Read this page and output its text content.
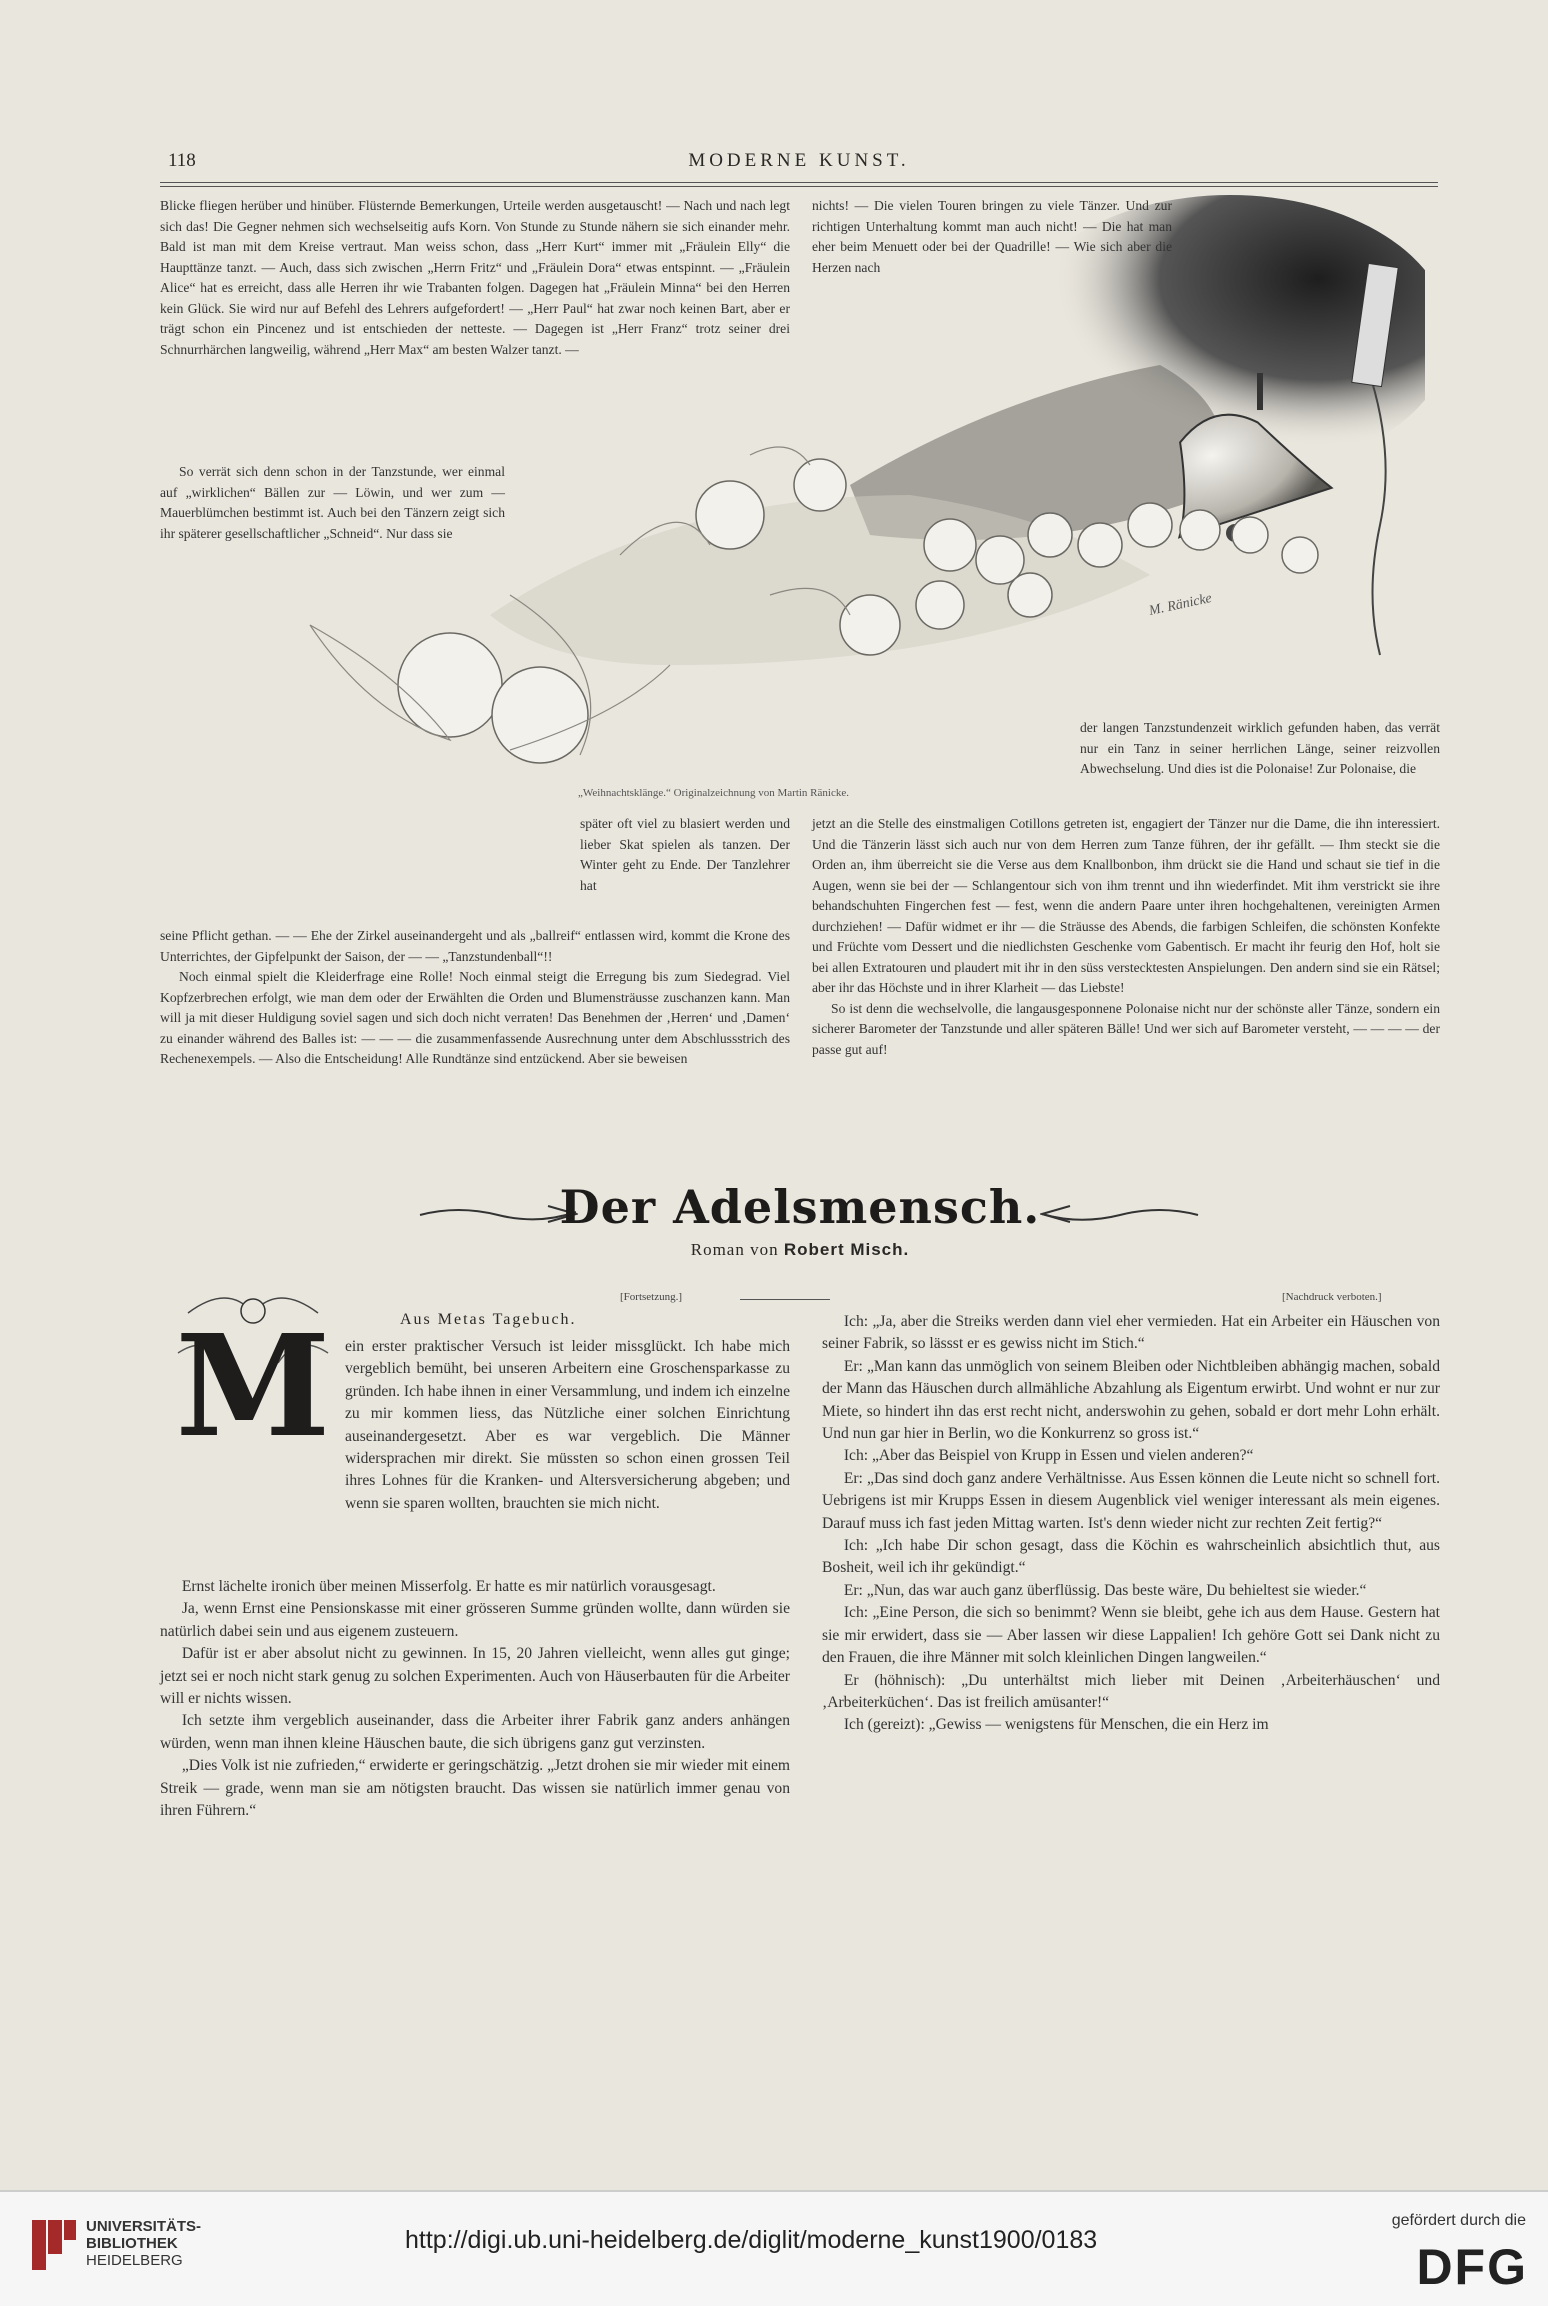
118	MODERNE KUNST.
M. Ränicke

Blicke fliegen herüber und hinüber. Flüsternde Bemerkungen, Urteile werden ausgetauscht! — Nach und nach legt sich das! Die Gegner nehmen sich wechselseitig aufs Korn. Von Stunde zu Stunde nähern sie sich einander mehr. Bald ist man mit dem Kreise vertraut. Man weiss schon, dass „Herr Kurt“ immer mit „Fräulein Elly“ die Haupttänze tanzt. — Auch, dass sich zwischen „Herrn Fritz“ und „Fräulein Dora“ etwas entspinnt. — „Fräulein Alice“ hat es erreicht, dass alle Herren ihr wie Trabanten folgen. Dagegen hat „Fräulein Minna“ bei den Herren kein Glück. Sie wird nur auf Befehl des Lehrers aufgefordert! — „Herr Paul“ hat zwar noch keinen Bart, aber er trägt schon ein Pincenez und ist entschieden der netteste. — Dagegen ist „Herr Franz“ trotz seiner drei Schnurrhärchen langweilig, während „Herr Max“ am besten Walzer tanzt. —

So verrät sich denn schon in der Tanzstunde, wer einmal auf „wirklichen“ Bällen zur — Löwin, und wer zum — Mauerblümchen bestimmt ist. Auch bei den Tänzern zeigt sich ihr späterer gesellschaftlicher „Schneid“. Nur dass sie

nichts! — Die vielen Touren bringen zu viele Tänzer. Und zur richtigen Unterhaltung kommt man auch nicht! — Die hat man eher beim Menuett oder bei der Quadrille! — Wie sich aber die Herzen nach

der langen Tanzstundenzeit wirklich gefunden haben, das verrät nur ein Tanz in seiner herrlichen Länge, seiner reizvollen Abwechselung. Und dies ist die Polonaise! Zur Polonaise, die

„Weihnachtsklänge.“ Originalzeichnung von Martin Ränicke.

später oft viel zu blasiert werden und lieber Skat spielen als tanzen. Der Winter geht zu Ende. Der Tanzlehrer hat

seine Pflicht gethan. — — Ehe der Zirkel auseinandergeht und als „ballreif“ entlassen wird, kommt die Krone des Unterrichtes, der Gipfelpunkt der Saison, der — — „Tanzstundenball“!!

Noch einmal spielt die Kleiderfrage eine Rolle! Noch einmal steigt die Erregung bis zum Siedegrad. Viel Kopfzerbrechen erfolgt, wie man dem oder der Erwählten die Orden und Blumensträusse zuschanzen kann. Man will ja mit dieser Huldigung soviel sagen und sich doch nicht verraten! Das Benehmen der ‚Herren‘ und ‚Damen‘ zu einander während des Balles ist: — — — die zusammenfassende Ausrechnung unter dem Abschlussstrich des Rechenexempels. — Also die Entscheidung! Alle Rundtänze sind entzückend. Aber sie beweisen

jetzt an die Stelle des einstmaligen Cotillons getreten ist, engagiert der Tänzer nur die Dame, die ihn interessiert. Und die Tänzerin lässt sich auch nur von dem Herren zum Tanze führen, der ihr gefällt. — Ihm steckt sie die Orden an, ihm überreicht sie die Verse aus dem Knallbonbon, ihm drückt sie die Hand und schaut sie tief in die Augen, wenn sie bei der — Schlangentour sich von ihm trennt und ihn wiederfindet. Mit ihm verstrickt sie ihre behandschuhten Fingerchen fest — fest, wenn die andern Paare unter ihren hochgehaltenen, vereinigten Armen durchziehen! — Dafür widmet er ihr — die Sträusse des Abends, die farbigen Schleifen, die schönsten Konfekte und Früchte vom Dessert und die niedlichsten Geschenke vom Gabentisch. Er macht ihr feurig den Hof, holt sie bei allen Extratouren und plaudert mit ihr in den süss verstecktesten Anspielungen. Den andern sind sie ein Rätsel; aber ihr das Höchste und in ihrer Klarheit — das Liebste!

So ist denn die wechselvolle, die langausgesponnene Polonaise nicht nur der schönste aller Tänze, sondern ein sicherer Barometer der Tanzstunde und aller späteren Bälle! Und wer sich auf Barometer versteht, — — — — der passe gut auf!

Der Adelsmensch.
Roman von Robert Misch.
[Fortsetzung.]	[Nachdruck verboten.]
M	Aus Metas Tagebuch.
ein erster praktischer Versuch ist leider missglückt. Ich habe mich vergeblich bemüht, bei unseren Arbeitern eine Groschensparkasse zu gründen. Ich habe ihnen in einer Versammlung, und indem ich einzelne zu mir kommen liess, das Nützliche einer solchen Einrichtung auseinandergesetzt. Aber es war vergeblich. Die Männer widersprachen mir direkt. Sie müssten so schon einen grossen Teil ihres Lohnes für die Kranken- und Altersversicherung abgeben; und wenn sie sparen wollten, brauchten sie mich nicht.

Ernst lächelte ironich über meinen Misserfolg. Er hatte es mir natürlich vorausgesagt.

Ja, wenn Ernst eine Pensionskasse mit einer grösseren Summe gründen wollte, dann würden sie natürlich dabei sein und aus eigenem zusteuern.

Dafür ist er aber absolut nicht zu gewinnen. In 15, 20 Jahren vielleicht, wenn alles gut ginge; jetzt sei er noch nicht stark genug zu solchen Experimenten. Auch von Häuserbauten für die Arbeiter will er nichts wissen.

Ich setzte ihm vergeblich auseinander, dass die Arbeiter ihrer Fabrik ganz anders anhängen würden, wenn man ihnen kleine Häuschen baute, die sich übrigens ganz gut verzinsten.

„Dies Volk ist nie zufrieden,“ erwiderte er geringschätzig. „Jetzt drohen sie mir wieder mit einem Streik — grade, wenn man sie am nötigsten braucht. Das wissen sie natürlich immer genau von ihren Führern.“

Ich: „Ja, aber die Streiks werden dann viel eher vermieden. Hat ein Arbeiter ein Häuschen von seiner Fabrik, so lässst er es gewiss nicht im Stich.“

Er: „Man kann das unmöglich von seinem Bleiben oder Nichtbleiben abhängig machen, sobald der Mann das Häuschen durch allmähliche Abzahlung als Eigentum erwirbt. Und wohnt er nur zur Miete, so hindert ihn das erst recht nicht, anderswohin zu gehen, sobald er dort mehr Lohn erhält. Und nun gar hier in Berlin, wo die Konkurrenz so gross ist.“

Ich: „Aber das Beispiel von Krupp in Essen und vielen anderen?“

Er: „Das sind doch ganz andere Verhältnisse. Aus Essen können die Leute nicht so schnell fort. Uebrigens ist mir Krupps Essen in diesem Augenblick viel weniger interessant als mein eigenes. Darauf muss ich fast jeden Mittag warten. Ist's denn wieder nicht zur rechten Zeit fertig?“

Ich: „Ich habe Dir schon gesagt, dass die Köchin es wahrscheinlich absichtlich thut, aus Bosheit, weil ich ihr gekündigt.“

Er: „Nun, das war auch ganz überflüssig. Das beste wäre, Du behieltest sie wieder.“

Ich: „Eine Person, die sich so benimmt? Wenn sie bleibt, gehe ich aus dem Hause. Gestern hat sie mir erwidert, dass sie — Aber lassen wir diese Lappalien! Ich gehöre Gott sei Dank nicht zu den Frauen, die ihre Männer mit solch kleinlichen Dingen langweilen.“

Er (höhnisch): „Du unterhältst mich lieber mit Deinen ‚Arbeiterhäuschen‘ und ‚Arbeiterküchen‘. Das ist freilich amüsanter!“

Ich (gereizt): „Gewiss — wenigstens für Menschen, die ein Herz im

UNIVERSITÄTS-
BIBLIOTHEK
HEIDELBERG
http://digi.ub.uni-heidelberg.de/diglit/moderne_kunst1900/0183
gefördert durch die
DFG
